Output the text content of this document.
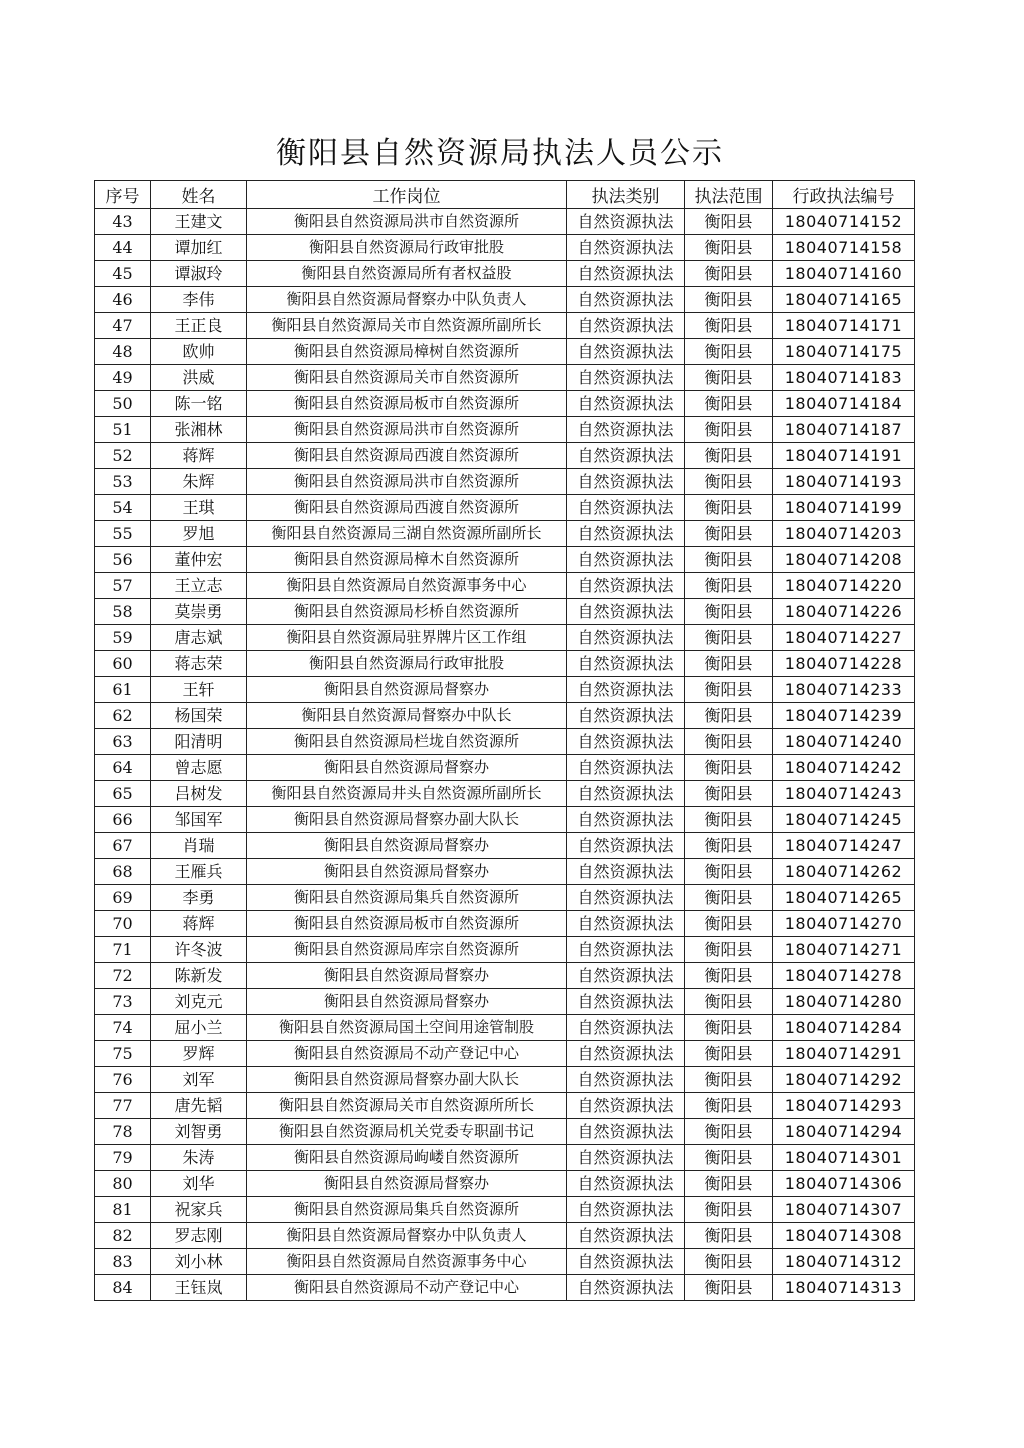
衡阳县自然资源局执法人员公示
序号	姓名	工作岗位	执法类别	执法范围	行政执法编号
43	王建文	衡阳县自然资源局洪市自然资源所	自然资源执法	衡阳县	18040714152
44	谭加红	衡阳县自然资源局行政审批股	自然资源执法	衡阳县	18040714158
45	谭淑玲	衡阳县自然资源局所有者权益股	自然资源执法	衡阳县	18040714160
46	李伟	衡阳县自然资源局督察办中队负责人	自然资源执法	衡阳县	18040714165
47	王正良	衡阳县自然资源局关市自然资源所副所长	自然资源执法	衡阳县	18040714171
48	欧帅	衡阳县自然资源局樟树自然资源所	自然资源执法	衡阳县	18040714175
49	洪威	衡阳县自然资源局关市自然资源所	自然资源执法	衡阳县	18040714183
50	陈一铭	衡阳县自然资源局板市自然资源所	自然资源执法	衡阳县	18040714184
51	张湘林	衡阳县自然资源局洪市自然资源所	自然资源执法	衡阳县	18040714187
52	蒋辉	衡阳县自然资源局西渡自然资源所	自然资源执法	衡阳县	18040714191
53	朱辉	衡阳县自然资源局洪市自然资源所	自然资源执法	衡阳县	18040714193
54	王琪	衡阳县自然资源局西渡自然资源所	自然资源执法	衡阳县	18040714199
55	罗旭	衡阳县自然资源局三湖自然资源所副所长	自然资源执法	衡阳县	18040714203
56	董仲宏	衡阳县自然资源局樟木自然资源所	自然资源执法	衡阳县	18040714208
57	王立志	衡阳县自然资源局自然资源事务中心	自然资源执法	衡阳县	18040714220
58	莫崇勇	衡阳县自然资源局杉桥自然资源所	自然资源执法	衡阳县	18040714226
59	唐志斌	衡阳县自然资源局驻界牌片区工作组	自然资源执法	衡阳县	18040714227
60	蒋志荣	衡阳县自然资源局行政审批股	自然资源执法	衡阳县	18040714228
61	王轩	衡阳县自然资源局督察办	自然资源执法	衡阳县	18040714233
62	杨国荣	衡阳县自然资源局督察办中队长	自然资源执法	衡阳县	18040714239
63	阳清明	衡阳县自然资源局栏垅自然资源所	自然资源执法	衡阳县	18040714240
64	曾志愿	衡阳县自然资源局督察办	自然资源执法	衡阳县	18040714242
65	吕树发	衡阳县自然资源局井头自然资源所副所长	自然资源执法	衡阳县	18040714243
66	邹国军	衡阳县自然资源局督察办副大队长	自然资源执法	衡阳县	18040714245
67	肖瑞	衡阳县自然资源局督察办	自然资源执法	衡阳县	18040714247
68	王雁兵	衡阳县自然资源局督察办	自然资源执法	衡阳县	18040714262
69	李勇	衡阳县自然资源局集兵自然资源所	自然资源执法	衡阳县	18040714265
70	蒋辉	衡阳县自然资源局板市自然资源所	自然资源执法	衡阳县	18040714270
71	许冬波	衡阳县自然资源局库宗自然资源所	自然资源执法	衡阳县	18040714271
72	陈新发	衡阳县自然资源局督察办	自然资源执法	衡阳县	18040714278
73	刘克元	衡阳县自然资源局督察办	自然资源执法	衡阳县	18040714280
74	屈小兰	衡阳县自然资源局国土空间用途管制股	自然资源执法	衡阳县	18040714284
75	罗辉	衡阳县自然资源局不动产登记中心	自然资源执法	衡阳县	18040714291
76	刘军	衡阳县自然资源局督察办副大队长	自然资源执法	衡阳县	18040714292
77	唐先韬	衡阳县自然资源局关市自然资源所所长	自然资源执法	衡阳县	18040714293
78	刘智勇	衡阳县自然资源局机关党委专职副书记	自然资源执法	衡阳县	18040714294
79	朱涛	衡阳县自然资源局岣嵝自然资源所	自然资源执法	衡阳县	18040714301
80	刘华	衡阳县自然资源局督察办	自然资源执法	衡阳县	18040714306
81	祝家兵	衡阳县自然资源局集兵自然资源所	自然资源执法	衡阳县	18040714307
82	罗志刚	衡阳县自然资源局督察办中队负责人	自然资源执法	衡阳县	18040714308
83	刘小林	衡阳县自然资源局自然资源事务中心	自然资源执法	衡阳县	18040714312
84	王钰岚	衡阳县自然资源局不动产登记中心	自然资源执法	衡阳县	18040714313
